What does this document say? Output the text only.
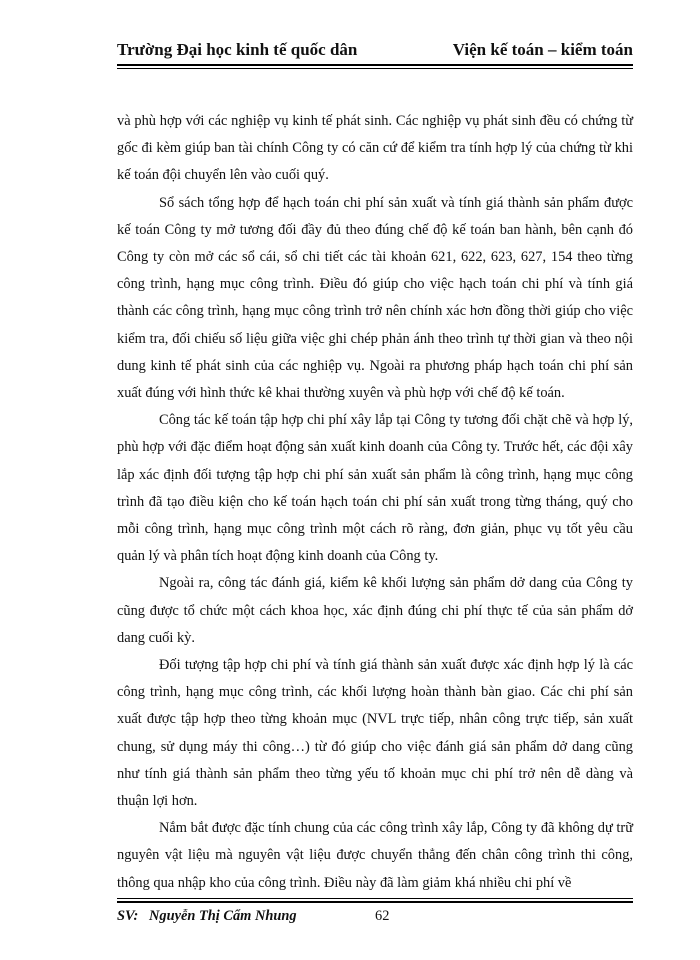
Trường Đại học kinh tế quốc dân	Viện kế toán – kiểm toán

và phù hợp với các nghiệp vụ kinh tế phát sinh. Các nghiệp vụ phát sinh đều có chứng từ gốc đi kèm giúp ban tài chính Công ty có căn cứ để kiểm tra tính hợp lý của chứng từ khi kế toán đội chuyển lên vào cuối quý.

Sổ sách tổng hợp để hạch toán chi phí sản xuất và tính giá thành sản phẩm được kế toán Công ty mở tương đối đầy đủ theo đúng chế độ kế toán ban hành, bên cạnh đó Công ty còn mở các sổ cái, sổ chi tiết các tài khoản 621, 622, 623, 627, 154 theo từng công trình, hạng mục công trình. Điều đó giúp cho việc hạch toán chi phí và tính giá thành các công trình, hạng mục công trình trở nên chính xác hơn đồng thời giúp cho việc kiểm tra, đối chiếu số liệu giữa việc ghi chép phản ánh theo trình tự thời gian và theo nội dung kinh tế phát sinh của các nghiệp vụ. Ngoài ra phương pháp hạch toán chi phí sản xuất đúng với hình thức kê khai thường xuyên và phù hợp với chế độ kế toán.

Công tác kế toán tập hợp chi phí xây lắp tại Công ty tương đối chặt chẽ và hợp lý, phù hợp với đặc điểm hoạt động sản xuất kinh doanh của Công ty. Trước hết, các đội xây lắp xác định đối tượng tập hợp chi phí sản xuất sản phẩm là công trình, hạng mục công trình đã tạo điều kiện cho kế toán hạch toán chi phí sản xuất trong từng tháng, quý cho mỗi công trình, hạng mục công trình một cách rõ ràng, đơn giản, phục vụ tốt yêu cầu quản lý và phân tích hoạt động kinh doanh của Công ty.

Ngoài ra, công tác đánh giá, kiểm kê khối lượng sản phẩm dở dang của Công ty cũng được tổ chức một cách khoa học, xác định đúng chi phí thực tế của sản phẩm dở dang cuối kỳ.

Đối tượng tập hợp chi phí và tính giá thành sản xuất được xác định hợp lý là các công trình, hạng mục công trình, các khối lượng hoàn thành bàn giao. Các chi phí sản xuất được tập hợp theo từng khoản mục (NVL trực tiếp, nhân công trực tiếp, sản xuất chung, sử dụng máy thi công…) từ đó giúp cho việc đánh giá sản phẩm dở dang cũng như tính giá thành sản phẩm theo từng yếu tố khoản mục chi phí trở nên dễ dàng và thuận lợi hơn.

Nắm bắt được đặc tính chung của các công trình xây lắp, Công ty đã không dự trữ nguyên vật liệu mà nguyên vật liệu được chuyển thẳng đến chân công trình thi công, thông qua nhập kho của công trình. Điều này đã làm giảm khá nhiều chi phí về

SV: Nguyễn Thị Cẩm Nhung	62
